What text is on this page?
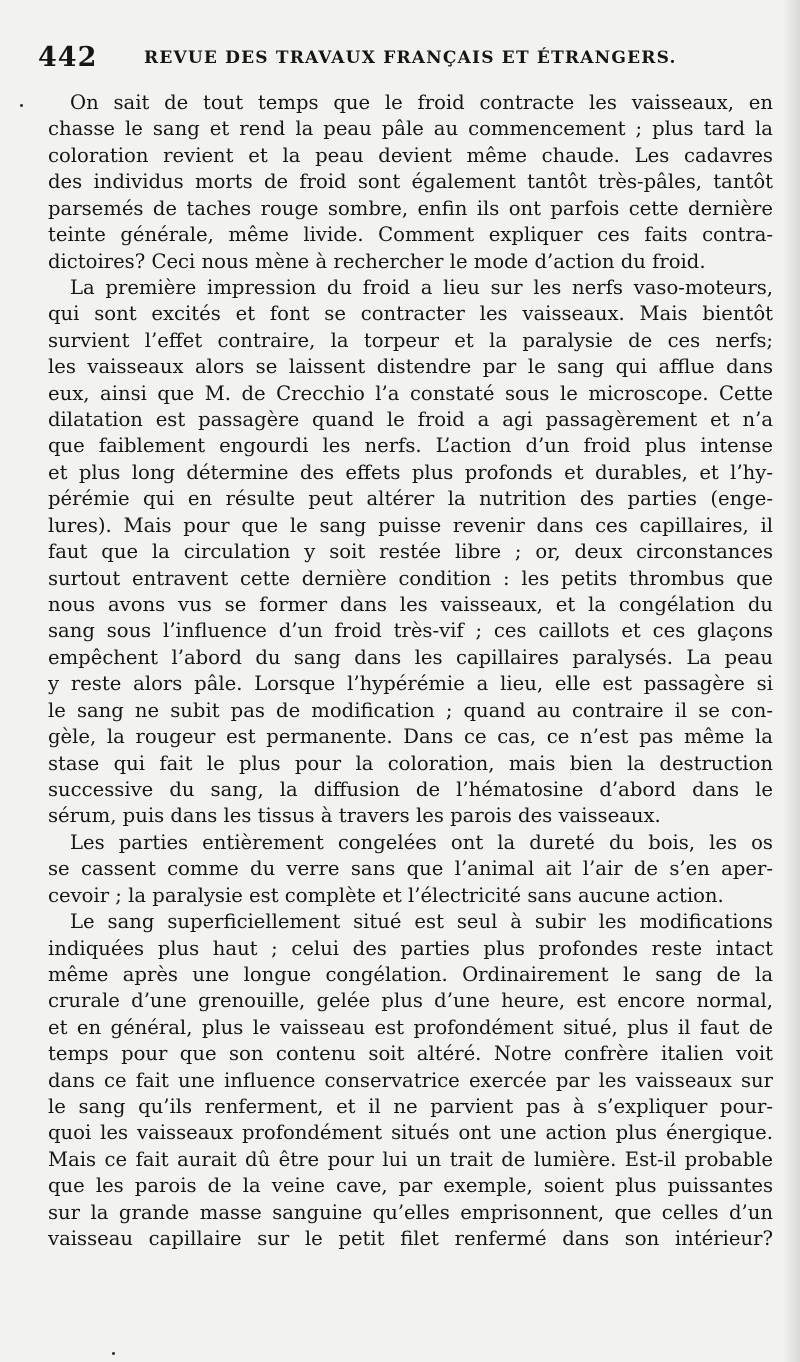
442	REVUE DES TRAVAUX FRANÇAIS ET ÉTRANGERS.
On sait de tout temps que le froid contracte les vaisseaux, en
chasse le sang et rend la peau pâle au commencement ; plus tard la
coloration revient et la peau devient même chaude. Les cadavres
des individus morts de froid sont également tantôt très-pâles, tantôt
parsemés de taches rouge sombre, enfin ils ont parfois cette dernière
teinte générale, même livide. Comment expliquer ces faits contra-
dictoires? Ceci nous mène à rechercher le mode d’action du froid.
La première impression du froid a lieu sur les nerfs vaso-moteurs,
qui sont excités et font se contracter les vaisseaux. Mais bientôt
survient l’effet contraire, la torpeur et la paralysie de ces nerfs;
les vaisseaux alors se laissent distendre par le sang qui afflue dans
eux, ainsi que M. de Crecchio l’a constaté sous le microscope. Cette
dilatation est passagère quand le froid a agi passagèrement et n’a
que faiblement engourdi les nerfs. L’action d’un froid plus intense
et plus long détermine des effets plus profonds et durables, et l’hy-
pérémie qui en résulte peut altérer la nutrition des parties (enge-
lures). Mais pour que le sang puisse revenir dans ces capillaires, il
faut que la circulation y soit restée libre ; or, deux circonstances
surtout entravent cette dernière condition : les petits thrombus que
nous avons vus se former dans les vaisseaux, et la congélation du
sang sous l’influence d’un froid très-vif ; ces caillots et ces glaçons
empêchent l’abord du sang dans les capillaires paralysés. La peau
y reste alors pâle. Lorsque l’hypérémie a lieu, elle est passagère si
le sang ne subit pas de modification ; quand au contraire il se con-
gèle, la rougeur est permanente. Dans ce cas, ce n’est pas même la
stase qui fait le plus pour la coloration, mais bien la destruction
successive du sang, la diffusion de l’hématosine d’abord dans le
sérum, puis dans les tissus à travers les parois des vaisseaux.
Les parties entièrement congelées ont la dureté du bois, les os
se cassent comme du verre sans que l’animal ait l’air de s’en aper-
cevoir ; la paralysie est complète et l’électricité sans aucune action.
Le sang superficiellement situé est seul à subir les modifications
indiquées plus haut ; celui des parties plus profondes reste intact
même après une longue congélation. Ordinairement le sang de la
crurale d’une grenouille, gelée plus d’une heure, est encore normal,
et en général, plus le vaisseau est profondément situé, plus il faut de
temps pour que son contenu soit altéré. Notre confrère italien voit
dans ce fait une influence conservatrice exercée par les vaisseaux sur
le sang qu’ils renferment, et il ne parvient pas à s’expliquer pour-
quoi les vaisseaux profondément situés ont une action plus énergique.
Mais ce fait aurait dû être pour lui un trait de lumière. Est-il probable
que les parois de la veine cave, par exemple, soient plus puissantes
sur la grande masse sanguine qu’elles emprisonnent, que celles d’un
vaisseau capillaire sur le petit filet renfermé dans son intérieur?
